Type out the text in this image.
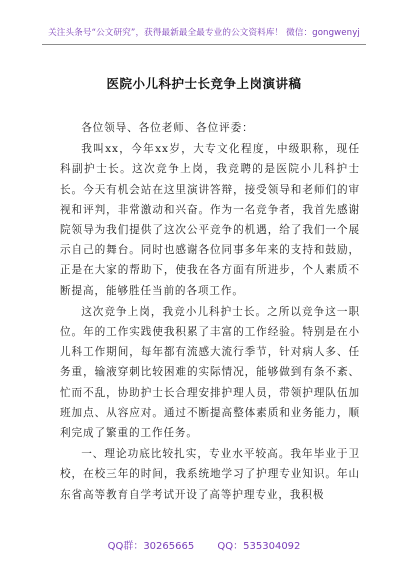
关注头条号“公文研究”，获得最新最全最专业的公文资料库！ 微信：gongwenyj
医院小儿科护士长竞争上岗演讲稿

各位领导、各位老师、各位评委：

我叫xx，今年xx岁，大专文化程度，中级职称，现任科副护士长。这次竞争上岗，我竞聘的是医院小儿科护士长。今天有机会站在这里演讲答辩，接受领导和老师们的审视和评判，非常激动和兴奋。作为一名竞争者，我首先感谢院领导为我们提供了这次公平竞争的机遇，给了我们一个展示自己的舞台。同时也感谢各位同事多年来的支持和鼓励，正是在大家的帮助下，使我在各方面有所进步，个人素质不断提高，能够胜任当前的各项工作。

这次竞争上岗，我竞小儿科护士长。之所以竞争这一职位。年的工作实践使我积累了丰富的工作经验。特别是在小儿科工作期间，每年都有流感大流行季节，针对病人多、任务重，输液穿刺比较困难的实际情况，能够做到有条不紊、忙而不乱，协助护士长合理安排护理人员，带领护理队伍加班加点、从容应对。通过不断提高整体素质和业务能力，顺利完成了繁重的工作任务。

一、理论功底比较扎实，专业水平较高。我年毕业于卫校，在校三年的时间，我系统地学习了护理专业知识。年山东省高等教育自学考试开设了高等护理专业，我积极

QQ群：30265665 QQ：535304092
